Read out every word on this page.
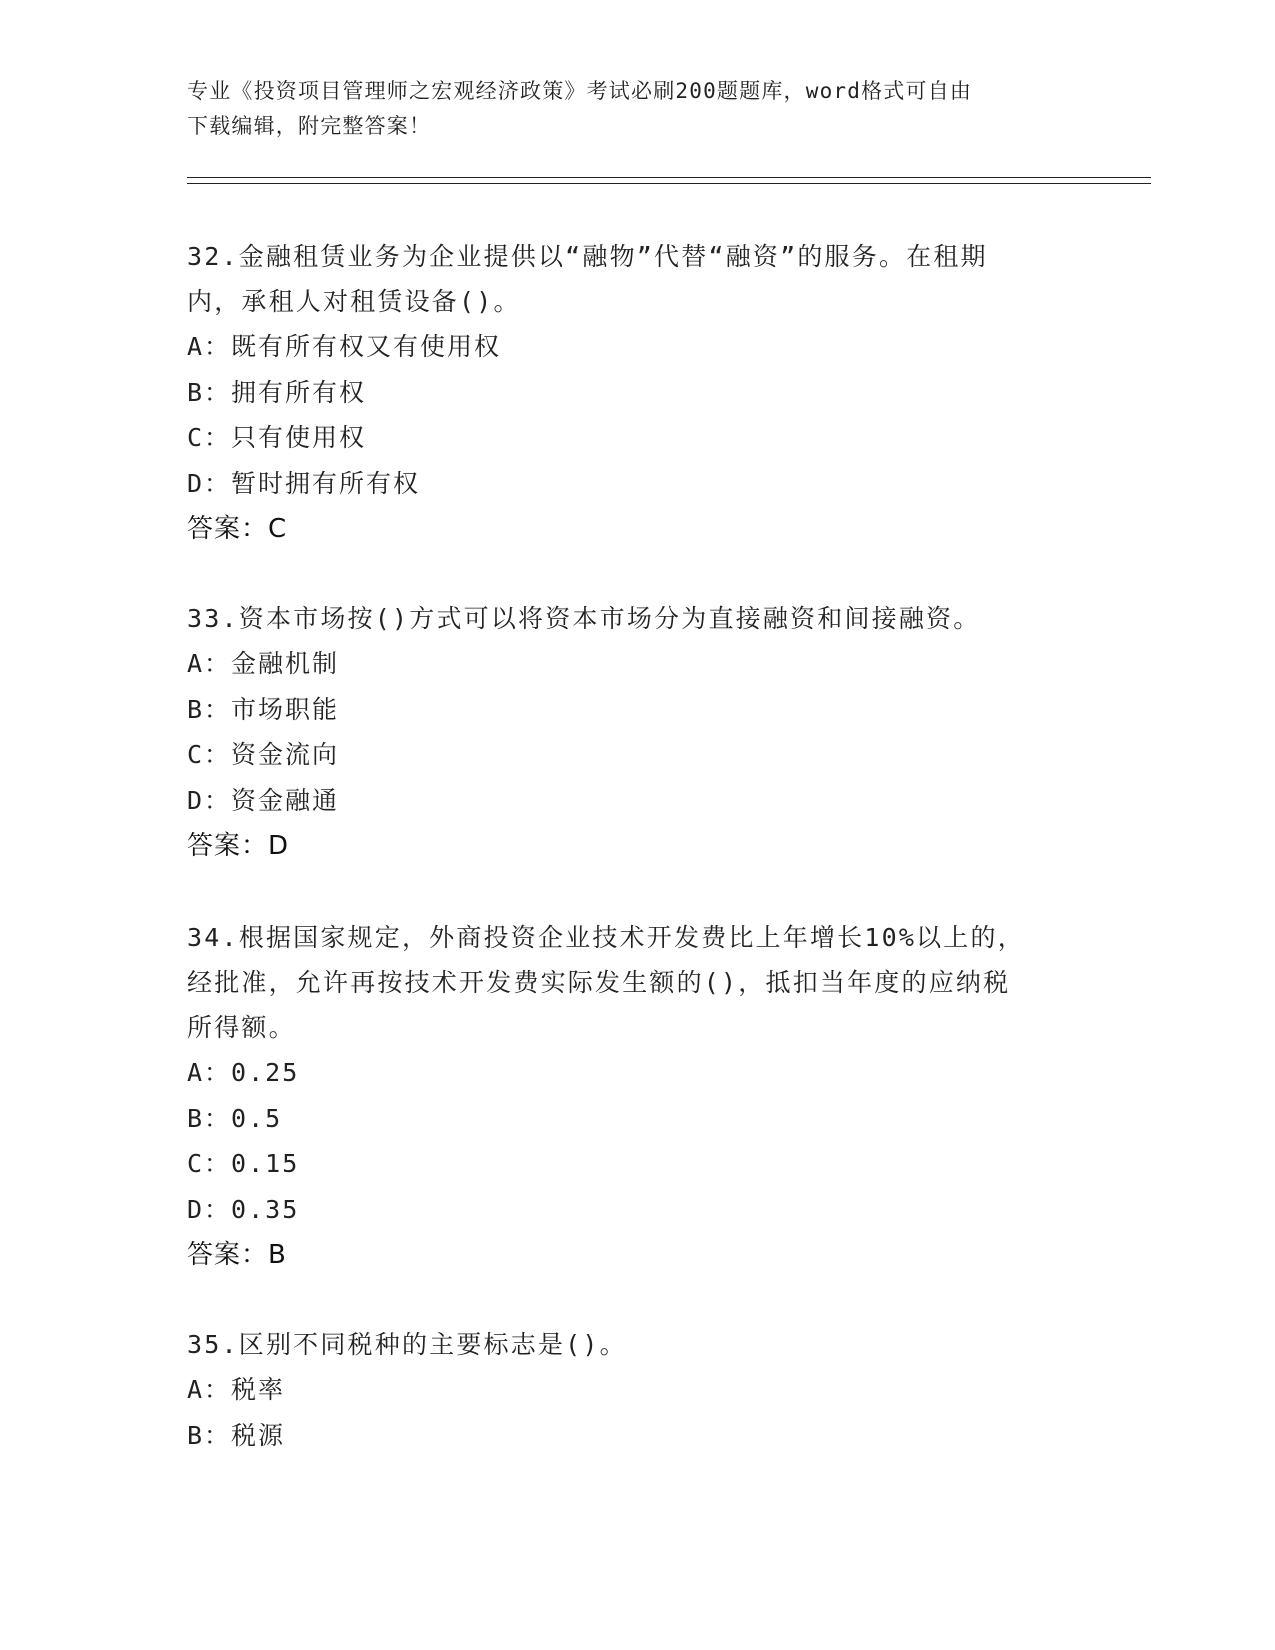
专业《投资项目管理师之宏观经济政策》考试必刷200题题库，word格式可自由
下载编辑，附完整答案！

32.金融租赁业务为企业提供以“融物”代替“融资”的服务。在租期

内，承租人对租赁设备()。

A：既有所有权又有使用权

B：拥有所有权

C：只有使用权

D：暂时拥有所有权

答案：C

33.资本市场按()方式可以将资本市场分为直接融资和间接融资。

A：金融机制

B：市场职能

C：资金流向

D：资金融通

答案：D

34.根据国家规定，外商投资企业技术开发费比上年增长10%以上的，

经批准，允许再按技术开发费实际发生额的()，抵扣当年度的应纳税

所得额。

A：0.25

B：0.5

C：0.15

D：0.35

答案：B

35.区别不同税种的主要标志是()。

A：税率

B：税源
